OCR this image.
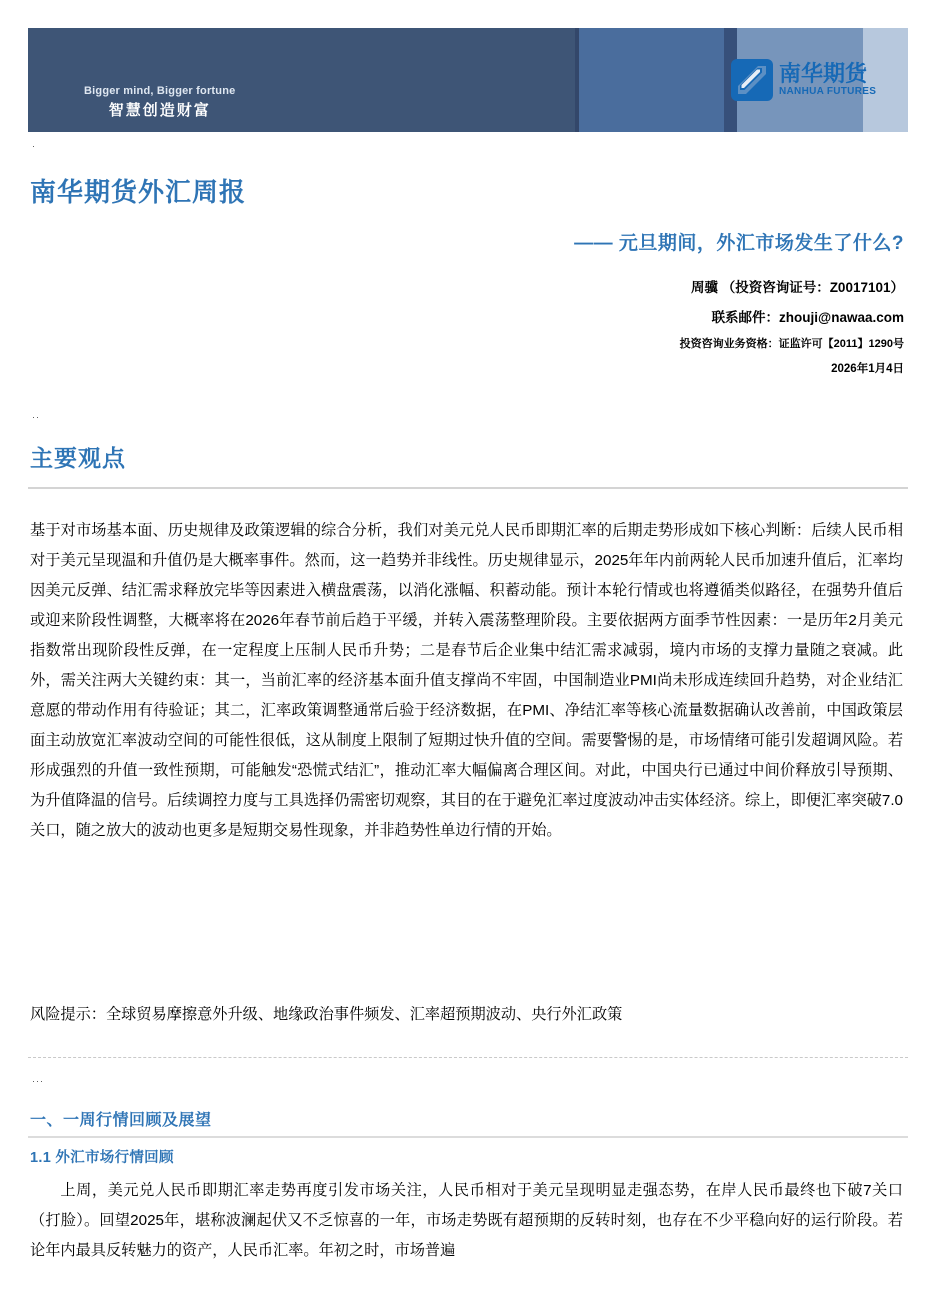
Bigger mind, Bigger fortune
智慧创造财富
南华期货
NANHUA FUTURES
·
··
···
南华期货外汇周报
—— 元旦期间，外汇市场发生了什么?
周骥 （投资咨询证号：Z0017101）
联系邮件：zhouji@nawaa.com
投资咨询业务资格：证监许可【2011】1290号
2026年1月4日
主要观点
基于对市场基本面、历史规律及政策逻辑的综合分析，我们对美元兑人民币即期汇率的后期走势形成如下核心判断：后续人民币相对于美元呈现温和升值仍是大概率事件。然而，这一趋势并非线性。历史规律显示，2025年年内前两轮人民币加速升值后，汇率均因美元反弹、结汇需求释放完毕等因素进入横盘震荡，以消化涨幅、积蓄动能。预计本轮行情或也将遵循类似路径，在强势升值后或迎来阶段性调整，大概率将在2026年春节前后趋于平缓，并转入震荡整理阶段。主要依据两方面季节性因素：一是历年2月美元指数常出现阶段性反弹，在一定程度上压制人民币升势；二是春节后企业集中结汇需求减弱，境内市场的支撑力量随之衰减。此外，需关注两大关键约束：其一，当前汇率的经济基本面升值支撑尚不牢固，中国制造业PMI尚未形成连续回升趋势，对企业结汇意愿的带动作用有待验证；其二，汇率政策调整通常后验于经济数据，在PMI、净结汇率等核心流量数据确认改善前，中国政策层面主动放宽汇率波动空间的可能性很低，这从制度上限制了短期过快升值的空间。需要警惕的是，市场情绪可能引发超调风险。若形成强烈的升值一致性预期，可能触发“恐慌式结汇”，推动汇率大幅偏离合理区间。对此，中国央行已通过中间价释放引导预期、为升值降温的信号。后续调控力度与工具选择仍需密切观察，其目的在于避免汇率过度波动冲击实体经济。综上，即便汇率突破7.0关口，随之放大的波动也更多是短期交易性现象，并非趋势性单边行情的开始。
风险提示：全球贸易摩擦意外升级、地缘政治事件频发、汇率超预期波动、央行外汇政策
一、一周行情回顾及展望
1.1 外汇市场行情回顾
上周，美元兑人民币即期汇率走势再度引发市场关注，人民币相对于美元呈现明显走强态势，在岸人民币最终也下破7关口（打脸）。回望2025年，堪称波澜起伏又不乏惊喜的一年，市场走势既有超预期的反转时刻，也存在不少平稳向好的运行阶段。若论年内最具反转魅力的资产，人民币汇率。年初之时，市场普遍
